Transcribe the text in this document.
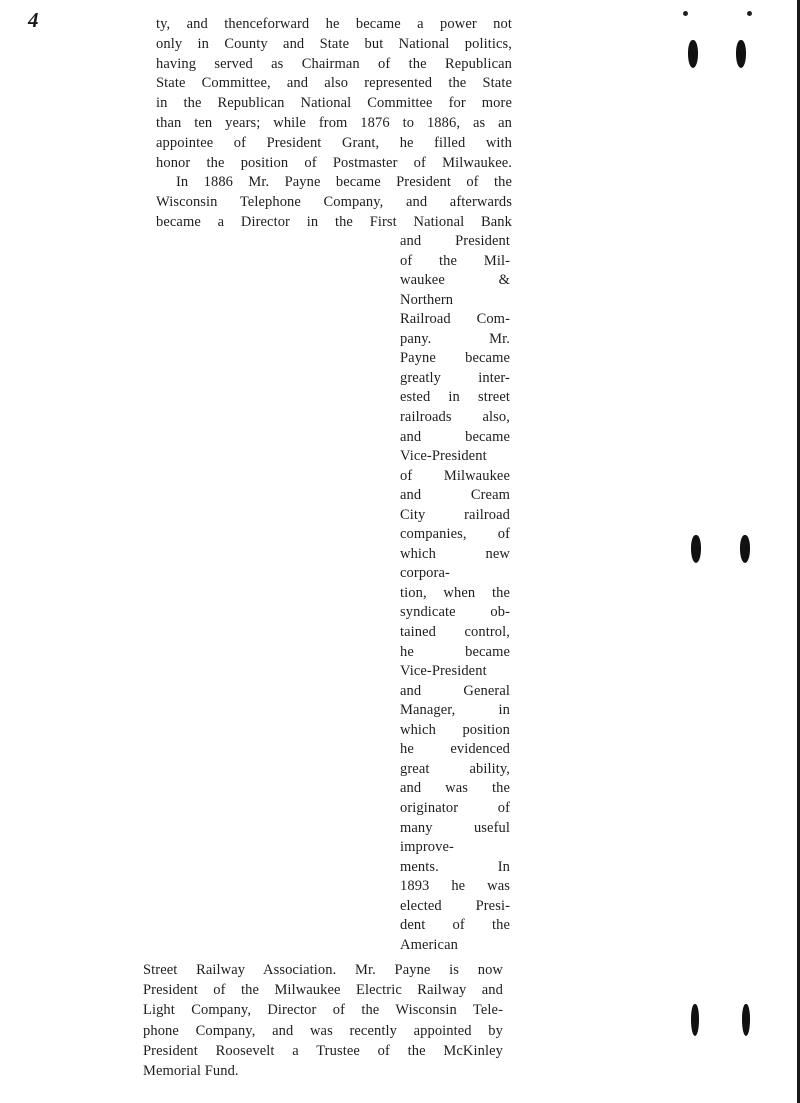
4	ty, and thenceforward he became a power not
only in County and State but National politics,
having served as Chairman of the Republican
State Committee, and also represented the State
in the Republican National Committee for more
than ten years; while from 1876 to 1886, as an
appointee of President Grant, he filled with
honor the position of Postmaster of Milwaukee.
In 1886 Mr. Payne became President of the
Wisconsin Telephone Company, and afterwards
became a Director in the First National Bank
and President
of the Mil-
waukee &
Northern
Railroad Com-
pany. Mr.
Payne became
greatly inter-
ested in street
railroads also,
and became
Vice-President
of Milwaukee
and Cream
City railroad
companies, of
which new
corpora-
tion, when the
syndicate ob-
tained control,
he became
Vice-President
and General
Manager, in
which position
he evidenced
great ability,
and was the
originator of
many useful
improve-
ments. In
1893 he was
elected Presi-
dent of the
American
Street Railway Association. Mr. Payne is now
President of the Milwaukee Electric Railway and
Light Company, Director of the Wisconsin Tele-
phone Company, and was recently appointed by
President Roosevelt a Trustee of the McKinley
Memorial Fund.
